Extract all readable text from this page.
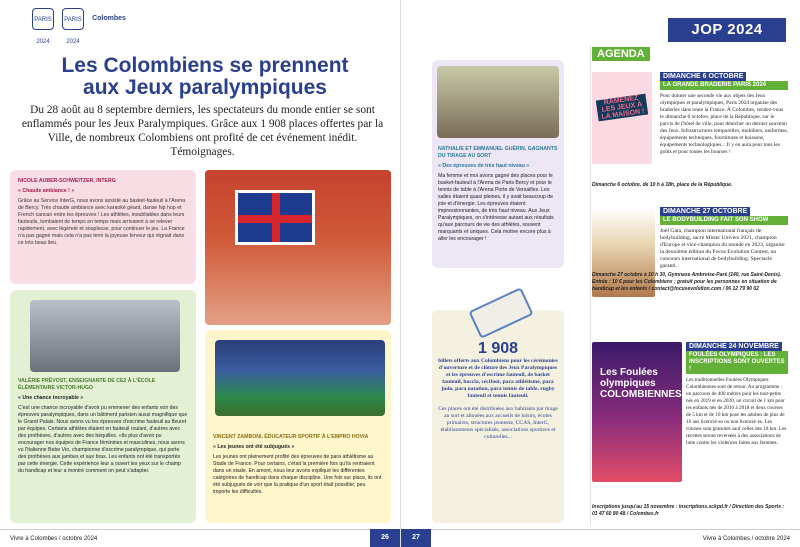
PARIS 2024
PARIS 2024
Colombes
Les Colombiens se prennent aux Jeux paralympiques

Du 28 août au 8 septembre derniers, les spectateurs du monde entier se sont enflammés pour les Jeux Paralympiques. Grâce aux 1 908 places offertes par la Ville, de nombreux Colombiens ont profité de cet événement inédit. Témoignages.

NICOLE AUBER-SCHWEITZER, INTERG
« Chaude ambiance ! »
Grâce au Service InterG, nous avons assisté au basket-fauteuil à l'Arena de Bercy. Très chaude ambiance avec karaoké géant, danse hip hop et French cancan entre les épreuves ! Les athlètes, inoubliables dans leurs fauteuils, tombaient de temps en temps mais arrivaient à se relever rapidement, avec légèreté et souplesse, pour continuer le jeu. La France n'a pas gagné mais cela n'a pas terni la joyeuse ferveur qui régnait dans ce très beau lieu.
VALÉRIE PRÉVOST, ENSEIGNANTE DE CE2 À L'ÉCOLE ÉLÉMENTAIRE VICTOR-HUGO
« Une chance incroyable »
C'est une chance incroyable d'avoir pu emmener des enfants voir des épreuves paralympiques, dans un bâtiment parisien aussi magnifique que le Grand Palais. Nous avons vu les épreuves d'escrime fauteuil au fleuret par équipes. Certains athlètes étaient en fauteuil roulant, d'autres avec des prothèses, d'autres avec des béquilles. «Ils plus d'avoir pu encourager nos équipes de France féminines et masculines, nous avons vu l'Italienne Bebe Vio, championne d'escrime paralympique, qui porte des prothèses aux jambes et aux bras. Les enfants ont été transportés par cette énergie. Cette expérience leur a ouvert les yeux sur le champ du handicap et leur a montré comment on peut s'adapter.
VINCENT ZAMBONI, ÉDUCATEUR SPORTIF À L'EMPRO HOVIA
« Les jeunes ont été subjugués »
Les jeunes ont pleinement profité des épreuves de para athlétisme au Stade de France. Pour certains, c'était la première fois qu'ils rentraient dans un stade. En amont, nous leur avons expliqué les différentes catégories de handicap dans chaque discipline. Une fois sur place, ils ont été subjugués de voir que la pratique d'un sport était possible, peu importe les difficultés.
Vivre à Colombes / octobre 2024	26	Vivre à Colombes / octobre 2024
27
JOP 2024
NATHALIE ET EMMANUEL GUÉRIN, GAGNANTS DU TIRAGE AU SORT
« Des épreuves de très haut niveau »
Ma femme et moi avons gagné des places pour le basket-fauteuil à l'Arena de Paris Bercy et pour le tennis de table à l'Arena Porte de Versailles. Les salles étaient quasi pleines, il y avait beaucoup de joie et d'énergie. Les épreuves étaient impressionnantes, de très haut niveau. Aux Jeux Paralympiques, on s'intéresse autant aux résultats qu'aux parcours de vie des athlètes, souvent marquants et uniques. Cela motive encore plus à aller les encourager !
1 908
billets offerts aux Colombiens pour les cérémonies d'ouverture et de clôture des Jeux Paralympiques et les épreuves d'escrime fauteuil, de basket fauteuil, boccia, cécifoot, para athlétisme, para judo, para natation, para tennis de table, rugby fauteuil et tennis fauteuil.
Ces places ont été distribuées aux habitants par tirage au sort et allouées aux accueils de loisirs, écoles primaires, structures jeunesse, CCAS, InterG, établissements spécialisés, associations sportives et culturelles...
AGENDA
RAMENEZ LES JEUX À LA MAISON !
DIMANCHE 6 OCTOBRE
LA GRANDE BRADERIE PARIS 2024
Pour donner une seconde vie aux objets des Jeux olympiques et paralympiques, Paris 2024 organise des braderies dans toute la France. À Colombes, rendez-vous le dimanche 6 octobre, place de la République, sur le parvis de l'hôtel de ville, pour dénicher un dernier souvenir des Jeux. Infrastructures temporelles, mobiliers, uniformes, équipements techniques, fournitures et boissons, équipements technologiques... Il y en aura pour tous les goûts et pour toutes les bourses !
Dimanche 6 octobre, de 10 h à 18h, place de la République.
DIMANCHE 27 OCTOBRE
LE BODYBUILDING FAIT SON SHOW
Joël Gata, champion international français de bodybuilding, sacré Mister Univers 2021, champion d'Europe et vice-champion du monde en 2023, organise la deuxième édition du Focus Evolution Contest, un concours international de bodybuilding. Spectacle garanti.
Dimanche 27 octobre à 10 h 30, Gymnase Ambroise-Paré (140, rue Saint-Denis). Entrée : 10 € pour les Colombiens ; gratuit pour les personnes en situation de handicap et les enfants / contact@focusevolution.com / 06 12 79 90 02
Les Foulées olympiques COLOMBIENNES
DIMANCHE 24 NOVEMBRE
FOULÉES OLYMPIQUES : LES INSCRIPTIONS SONT OUVERTES !
Les traditionnelles Foulées Olympiques Colombiennes sont de retour. Au programme : un parcours de 400 mètres pour les tout-petits nés en 2019 et en 2020, un circuit de 1 km pour les enfants nés de 2010 à 2018 et deux courses de 5 km et de 10 km pour les adultes de plus de 16 ans licencié·es ou non licencié·es. Les courses sont gratuites sauf celles des 10 km. Les recettes seront reversées à des associations de lutte contre les violences faites aux femmes.
Inscriptions jusqu'au 15 novembre : inscriptions.sckpd.fr / Direction des Sports : 01 47 60 80 48 / Colombes.fr
